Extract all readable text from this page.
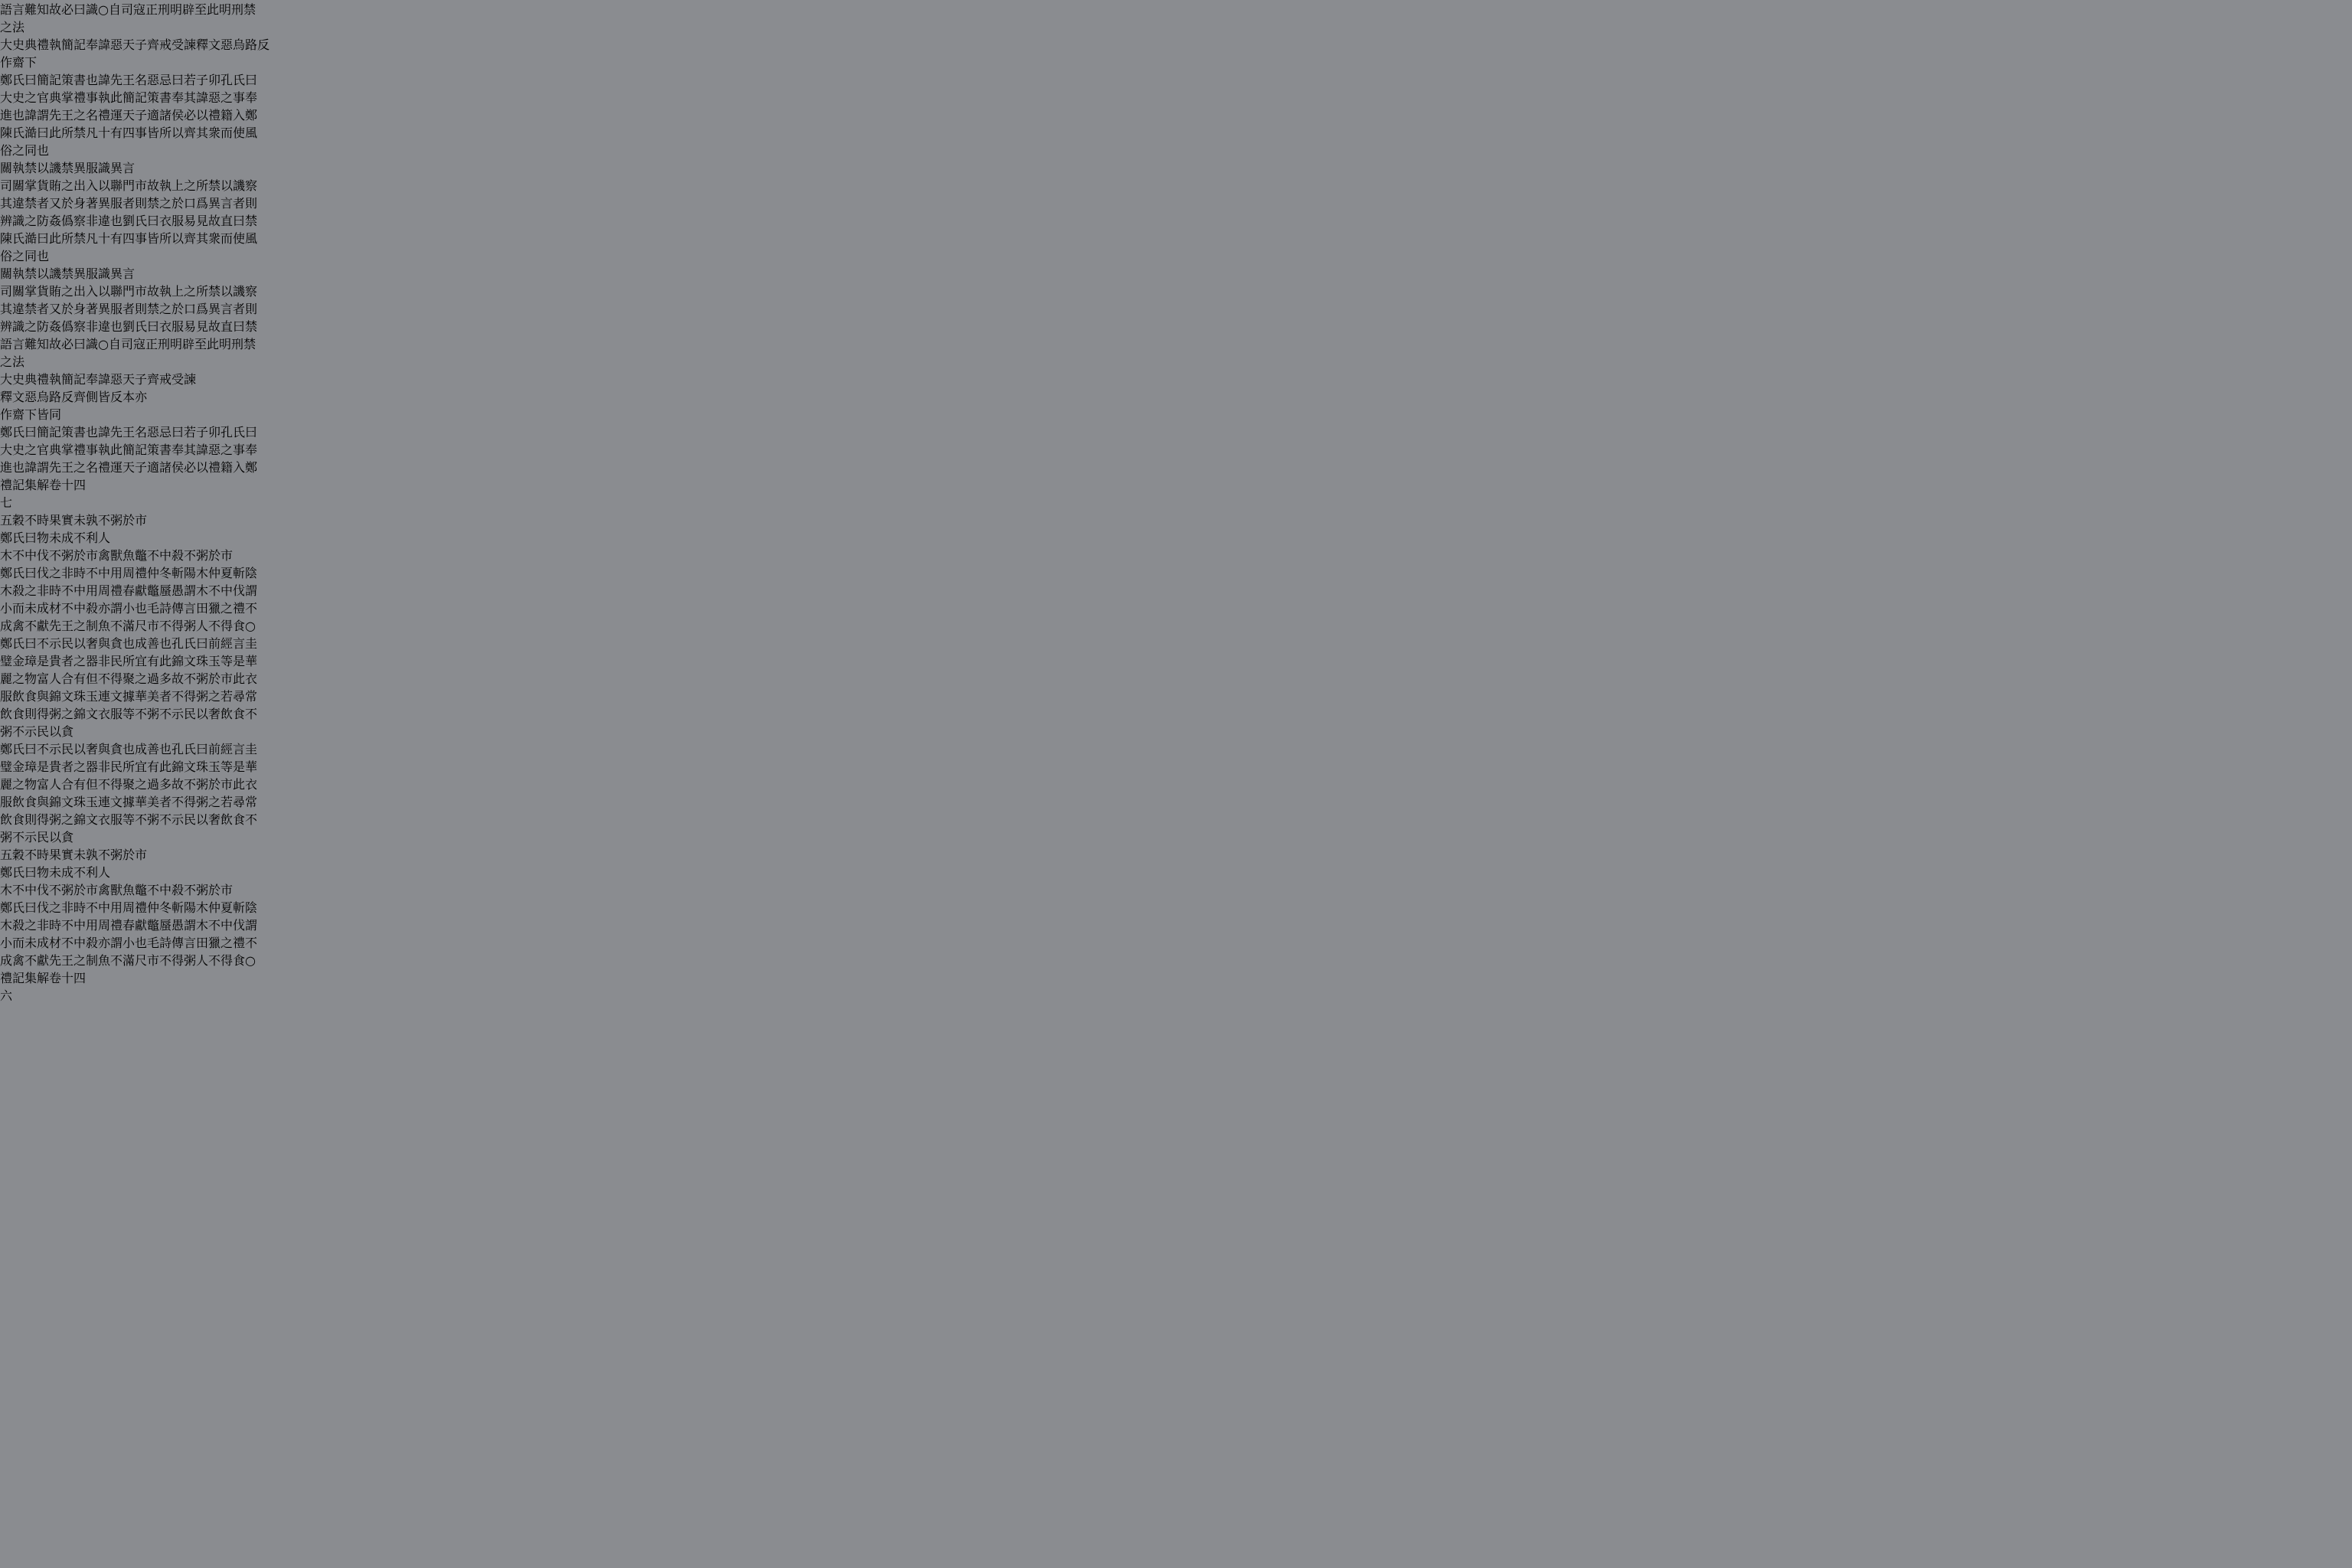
語言難知故必曰識○自司寇正刑明辟至此明刑禁
之法
大史典禮執簡記奉諱惡天子齊戒受諫釋文惡烏路反
作齋下
鄭氏曰簡記策書也諱先王名惡忌曰若子卯孔氏曰
大史之官典掌禮事執此簡記策書奉其諱惡之事奉
進也諱謂先王之名禮運天子適諸侯必以禮籍入鄭
陳氏澔曰此所禁凡十有四事皆所以齊其衆而使風
俗之同也
關執禁以譏禁異服識異言
司關掌貨賄之出入以聯門市故執上之所禁以譏察
其違禁者又於身著異服者則禁之於口爲異言者則
辨識之防姦僞察非違也劉氏曰衣服易見故直曰禁
陳氏澔曰此所禁凡十有四事皆所以齊其衆而使風
俗之同也
關執禁以譏禁異服識異言
司關掌貨賄之出入以聯門市故執上之所禁以譏察
其違禁者又於身著異服者則禁之於口爲異言者則
辨識之防姦僞察非違也劉氏曰衣服易見故直曰禁
語言難知故必曰識○自司寇正刑明辟至此明刑禁
之法
大史典禮執簡記奉諱惡天子齊戒受諫
釋文惡烏路反齊側皆反本亦
作齋下皆同
鄭氏曰簡記策書也諱先王名惡忌曰若子卯孔氏曰
大史之官典掌禮事執此簡記策書奉其諱惡之事奉
進也諱謂先王之名禮運天子適諸侯必以禮籍入鄭
禮記集解卷十四
七
五穀不時果實未孰不粥於市
鄭氏曰物未成不利人
木不中伐不粥於市禽獸魚鼈不中殺不粥於市
鄭氏曰伐之非時不中用周禮仲冬斬陽木仲夏斬陰
木殺之非時不中用周禮春獻鼈蜃愚謂木不中伐謂
小而未成材不中殺亦謂小也毛詩傳言田獵之禮不
成禽不獻先王之制魚不滿尺市不得粥人不得食○
鄭氏曰不示民以奢與貪也成善也孔氏曰前經言圭
璧金璋是貴者之器非民所宜有此錦文珠玉等是華
麗之物富人合有但不得聚之過多故不粥於市此衣
服飲食與錦文珠玉連文據華美者不得粥之若尋常
飲食則得粥之錦文衣服等不粥不示民以奢飲食不
粥不示民以貪
鄭氏曰不示民以奢與貪也成善也孔氏曰前經言圭
璧金璋是貴者之器非民所宜有此錦文珠玉等是華
麗之物富人合有但不得聚之過多故不粥於市此衣
服飲食與錦文珠玉連文據華美者不得粥之若尋常
飲食則得粥之錦文衣服等不粥不示民以奢飲食不
粥不示民以貪
五穀不時果實未孰不粥於市
鄭氏曰物未成不利人
木不中伐不粥於市禽獸魚鼈不中殺不粥於市
鄭氏曰伐之非時不中用周禮仲冬斬陽木仲夏斬陰
木殺之非時不中用周禮春獻鼈蜃愚謂木不中伐謂
小而未成材不中殺亦謂小也毛詩傳言田獵之禮不
成禽不獻先王之制魚不滿尺市不得粥人不得食○
禮記集解卷十四
六
